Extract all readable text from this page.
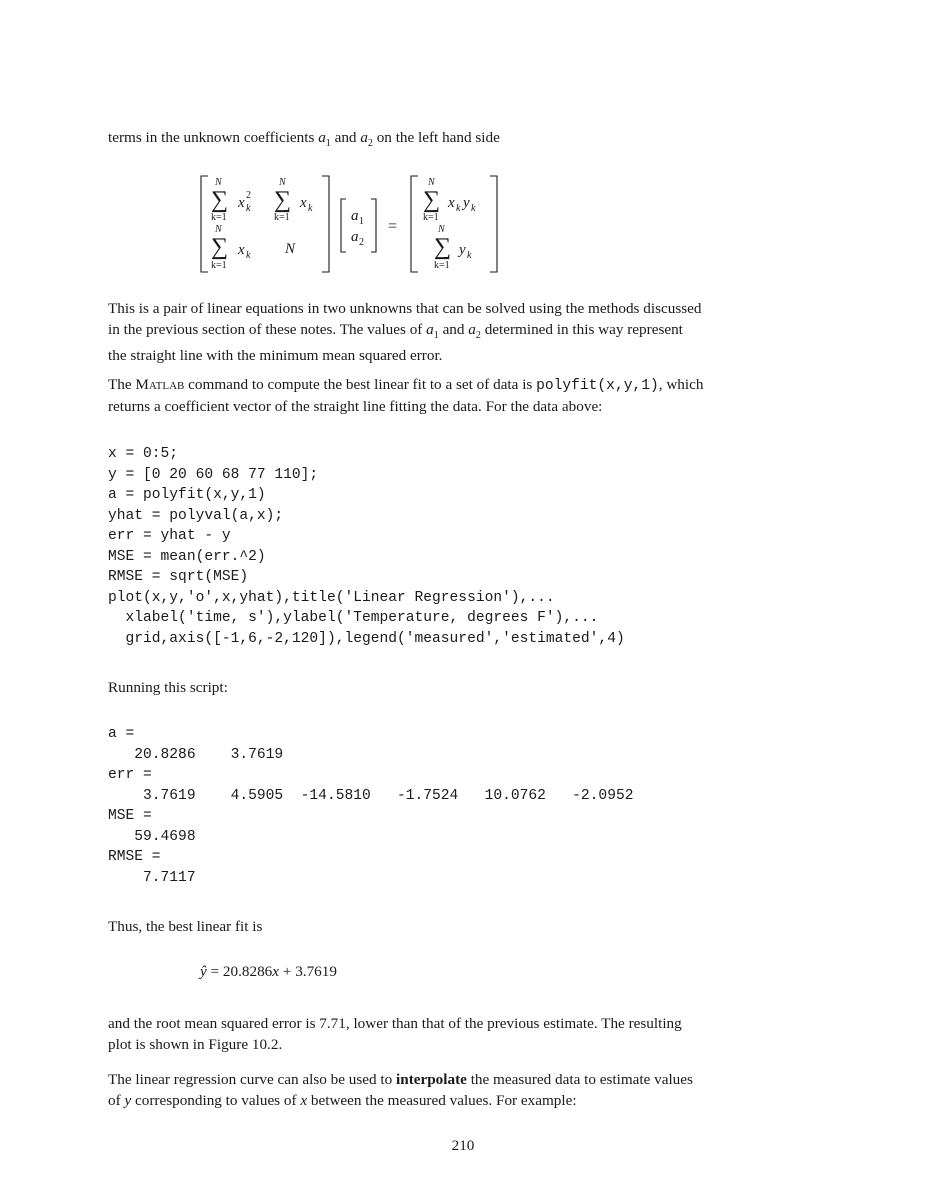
terms in the unknown coefficients $a_1$ and $a_2$ on the left hand side

N
∑
k=1
x 2
k
N
∑
k=1
x k
N
∑
k=1
x k N
a 1
a 2
=
N
∑
k=1
x k y k
N
∑
k=1
y k

This is a pair of linear equations in two unknowns that can be solved using the methods discussed
in the previous section of these notes. The values of $a_1$ and $a_2$ determined in this way represent
the straight line with the minimum mean squared error.

The Matlab command to compute the best linear fit to a set of data is polyfit(x,y,1), which
returns a coefficient vector of the straight line fitting the data. For the data above:

x = 0:5;
y = [0 20 60 68 77 110];
a = polyfit(x,y,1)
yhat = polyval(a,x);
err = yhat - y
MSE = mean(err.^2)
RMSE = sqrt(MSE)
plot(x,y,'o',x,yhat),title('Linear Regression'),...
xlabel('time, s'),ylabel('Temperature, degrees F'),...
grid,axis([-1,6,-2,120]),legend('measured','estimated',4)

Running this script:

a =
20.8286    3.7619
err =
3.7619    4.5905  -14.5810   -1.7524   10.0762   -2.0952
MSE =
59.4698
RMSE =
7.7117

Thus, the best linear fit is

ŷ = 20.8286x + 3.7619

and the root mean squared error is 7.71, lower than that of the previous estimate. The resulting
plot is shown in Figure 10.2.

The linear regression curve can also be used to interpolate the measured data to estimate values
of y corresponding to values of x between the measured values. For example:

210
